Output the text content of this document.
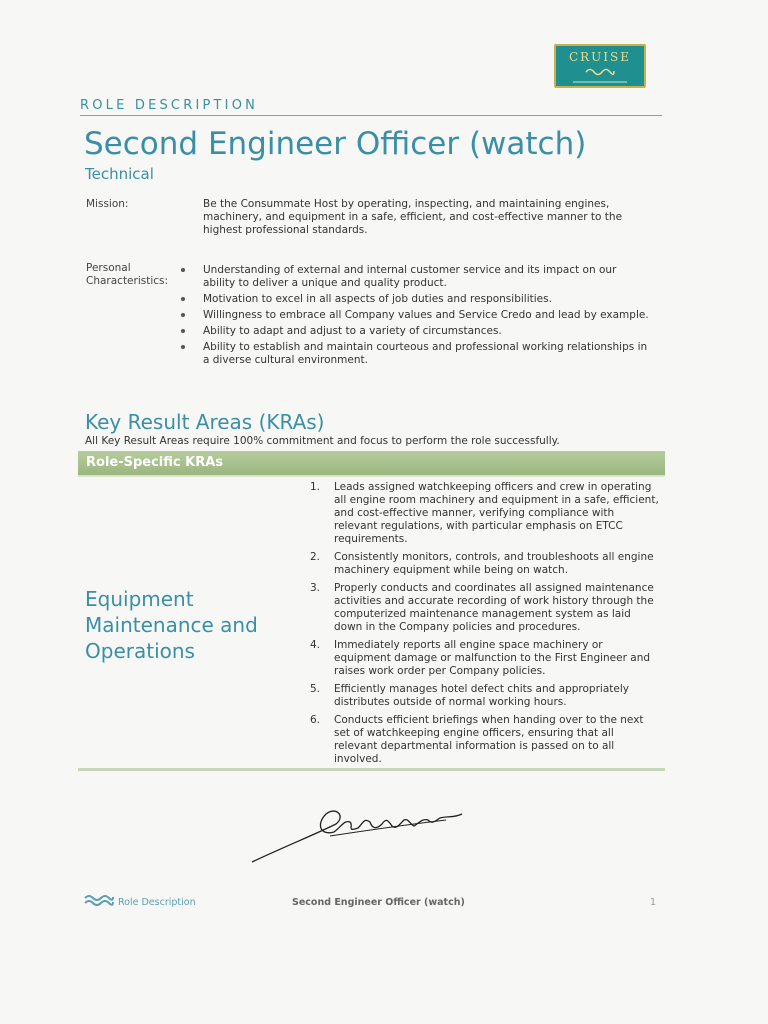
CRUISE
ROLE DESCRIPTION
Second Engineer Officer (watch)
Technical
Mission:	Be the Consummate Host by operating, inspecting, and maintaining engines, machinery, and equipment in a safe, efficient, and cost-effective manner to the highest professional standards.
Personal Characteristics:
Understanding of external and internal customer service and its impact on our ability to deliver a unique and quality product.
Motivation to excel in all aspects of job duties and responsibilities.
Willingness to embrace all Company values and Service Credo and lead by example.
Ability to adapt and adjust to a variety of circumstances.
Ability to establish and maintain courteous and professional working relationships in a diverse cultural environment.
Key Result Areas (KRAs)
All Key Result Areas require 100% commitment and focus to perform the role successfully.
Role-Specific KRAs
Equipment Maintenance and Operations
1. Leads assigned watchkeeping officers and crew in operating all engine room machinery and equipment in a safe, efficient, and cost-effective manner, verifying compliance with relevant regulations, with particular emphasis on ETCC requirements.
2. Consistently monitors, controls, and troubleshoots all engine machinery equipment while being on watch.
3. Properly conducts and coordinates all assigned maintenance activities and accurate recording of work history through the computerized maintenance management system as laid down in the Company policies and procedures.
4. Immediately reports all engine space machinery or equipment damage or malfunction to the First Engineer and raises work order per Company policies.
5. Efficiently manages hotel defect chits and appropriately distributes outside of normal working hours.
6. Conducts efficient briefings when handing over to the next set of watchkeeping engine officers, ensuring that all relevant departmental information is passed on to all involved.
Role Description	Second Engineer Officer (watch)	1
